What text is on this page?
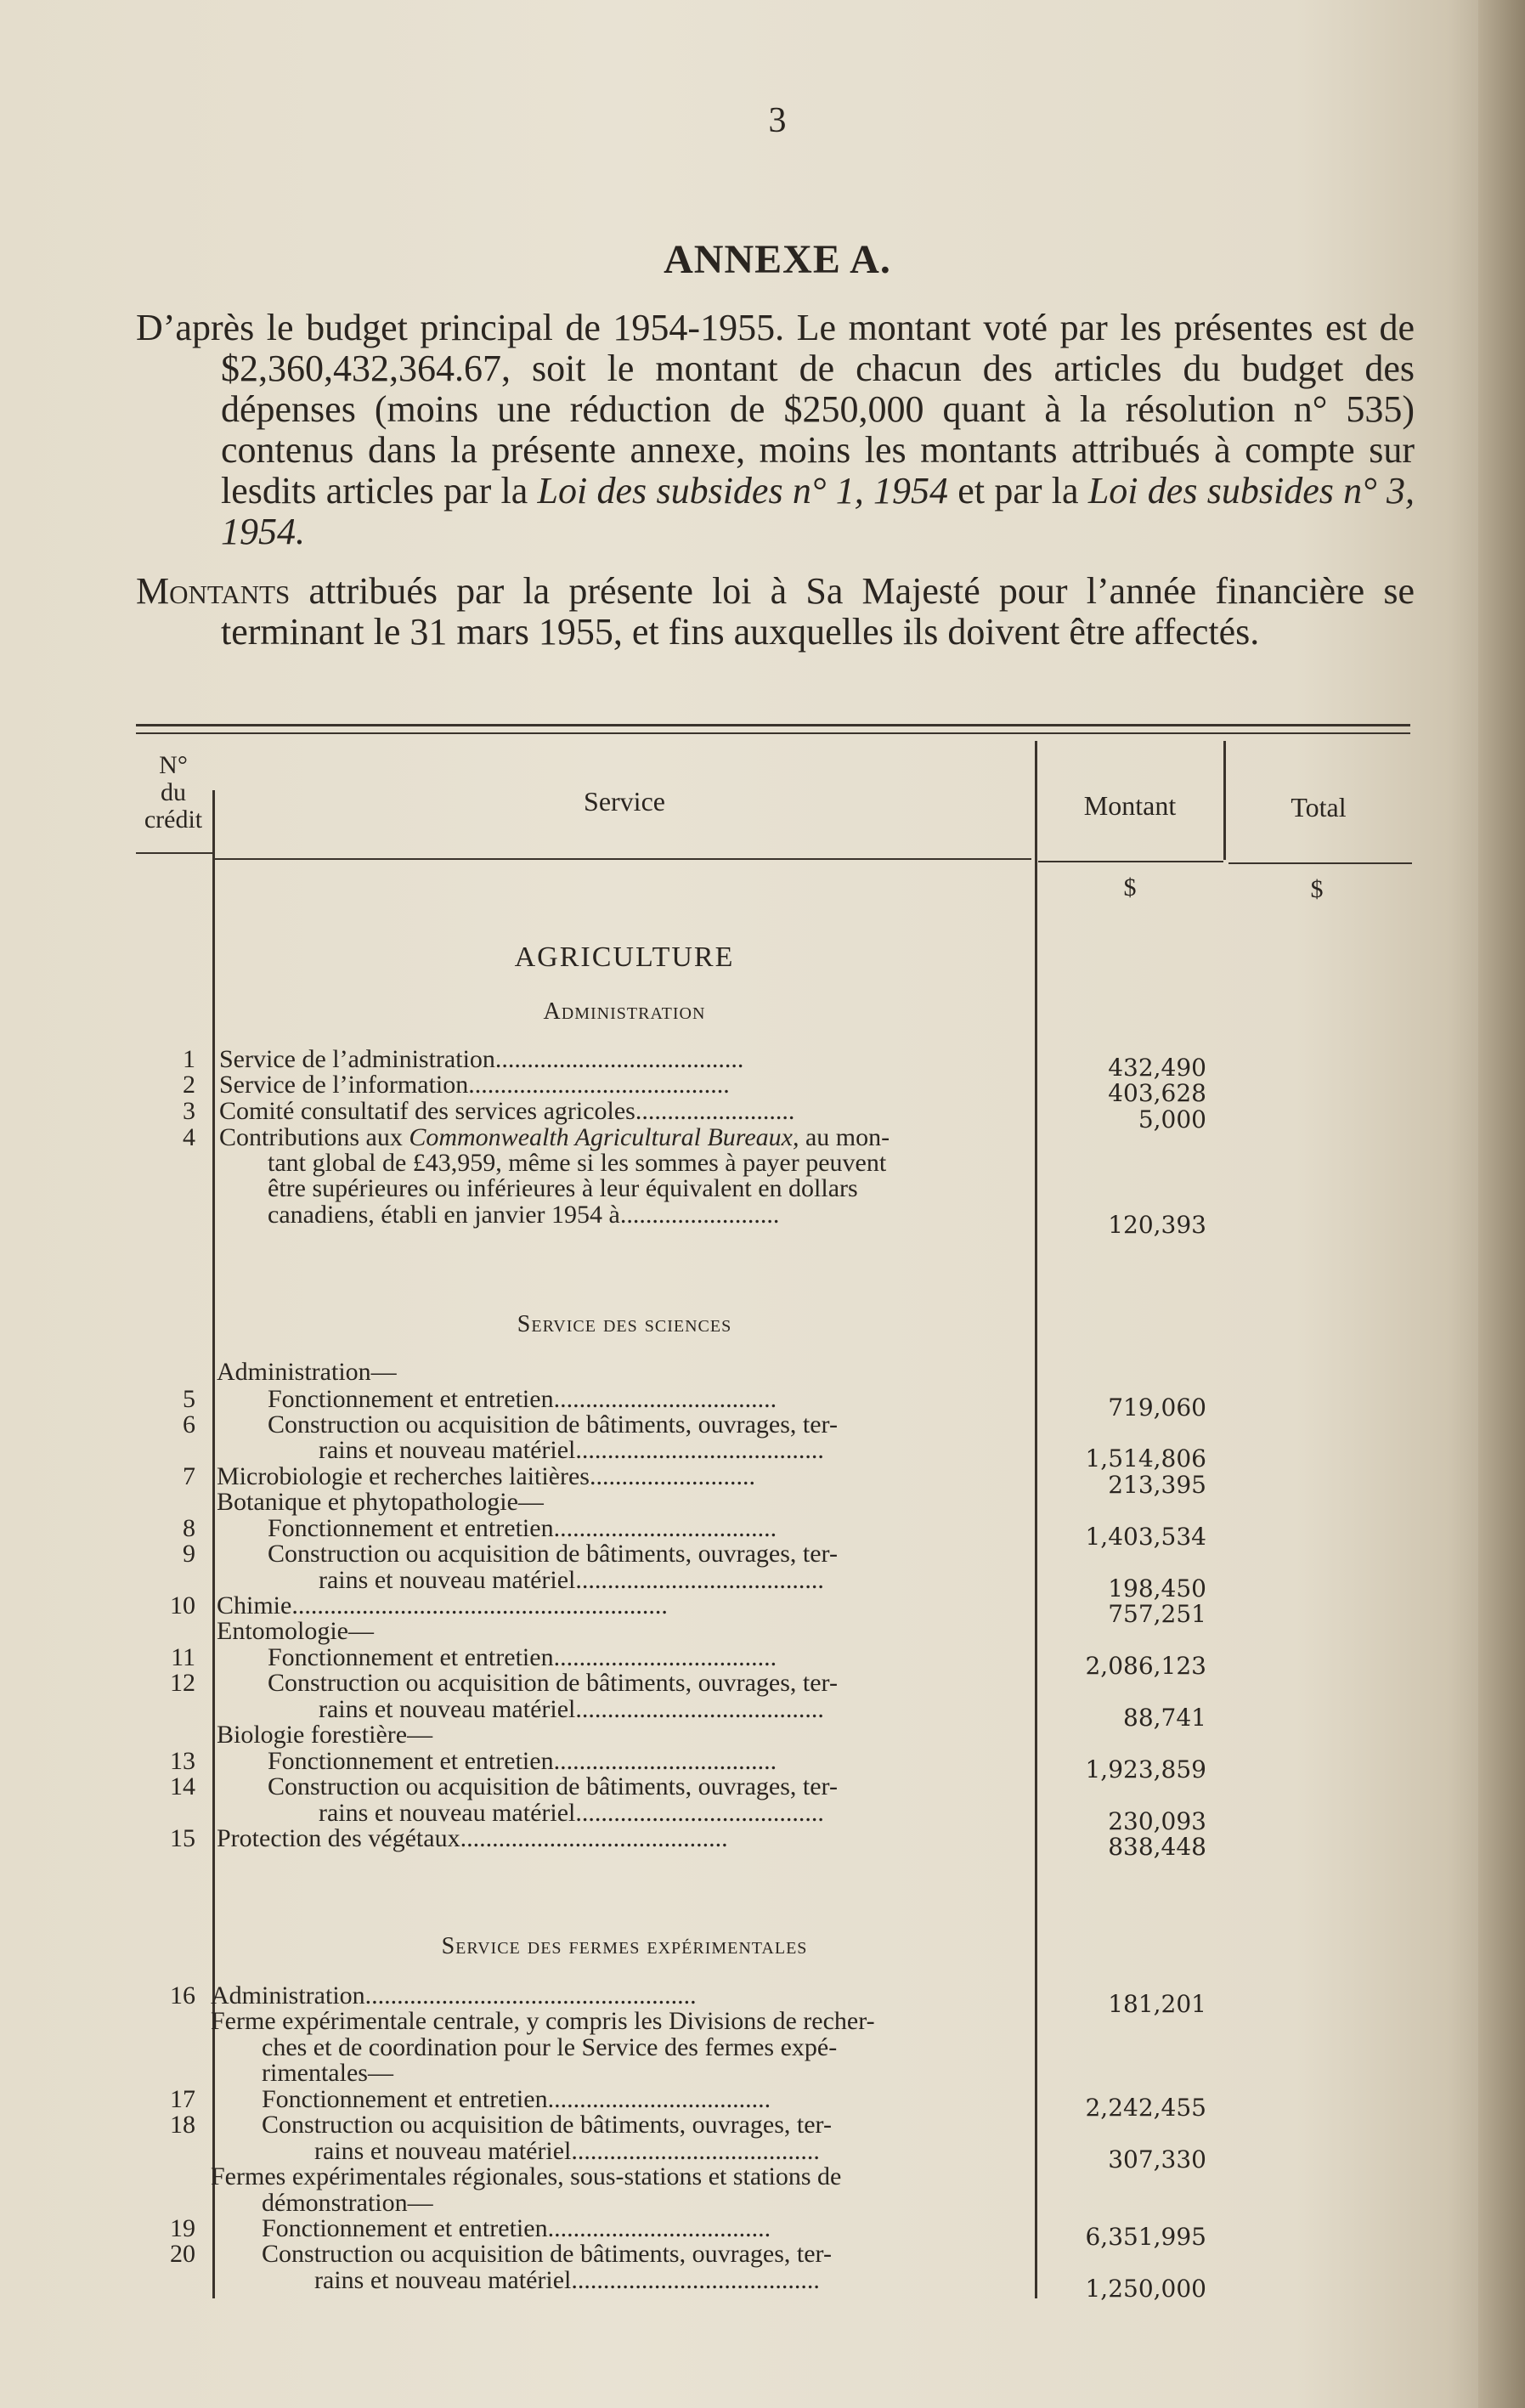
3
ANNEXE A.

D’après le budget principal de 1954-1955. Le montant voté par les présentes est de $2,360,432,364.67, soit le montant de chacun des articles du budget des dépenses (moins une réduction de $250,000 quant à la résolution n° 535) contenus dans la présente annexe, moins les montants attribués à compte sur lesdits articles par la Loi des subsides n° 1, 1954 et par la Loi des subsides n° 3, 1954.

Montants attribués par la présente loi à Sa Majesté pour l’année financière se terminant le 31 mars 1955, et fins auxquelles ils doivent être affectés.

N°
du
crédit
Service	Montant	Total
$	$
AGRICULTURE
Administration
1 Service de l’administration.......................................	432,490
2 Service de l’information.........................................	403,628
3 Comité consultatif des services agricoles.........................	5,000
4 Contributions aux Commonwealth Agricultural Bureaux, au mon-
tant global de £43,959, même si les sommes à payer peuvent
être supérieures ou inférieures à leur équivalent en dollars
canadiens, établi en janvier 1954 à.........................	120,393
Service des sciences
Administration—
5	Fonctionnement et entretien...................................	719,060
6	Construction ou acquisition de bâtiments, ouvrages, ter-
rains et nouveau matériel.......................................	1,514,806
7 Microbiologie et recherches laitières..........................	213,395
Botanique et phytopathologie—
8	Fonctionnement et entretien...................................	1,403,534
9	Construction ou acquisition de bâtiments, ouvrages, ter-
rains et nouveau matériel.......................................	198,450
10 Chimie...........................................................	757,251
Entomologie—
11	Fonctionnement et entretien...................................	2,086,123
12	Construction ou acquisition de bâtiments, ouvrages, ter-
rains et nouveau matériel.......................................	88,741
Biologie forestière—
13	Fonctionnement et entretien...................................	1,923,859
14	Construction ou acquisition de bâtiments, ouvrages, ter-
rains et nouveau matériel.......................................	230,093
15 Protection des végétaux..........................................	838,448
Service des fermes expérimentales
16 Administration....................................................	181,201
Ferme expérimentale centrale, y compris les Divisions de recher-
ches et de coordination pour le Service des fermes expé-
rimentales—
17	Fonctionnement et entretien...................................	2,242,455
18	Construction ou acquisition de bâtiments, ouvrages, ter-
rains et nouveau matériel.......................................	307,330
Fermes expérimentales régionales, sous-stations et stations de
démonstration—
19	Fonctionnement et entretien...................................	6,351,995
20	Construction ou acquisition de bâtiments, ouvrages, ter-
rains et nouveau matériel.......................................	1,250,000
